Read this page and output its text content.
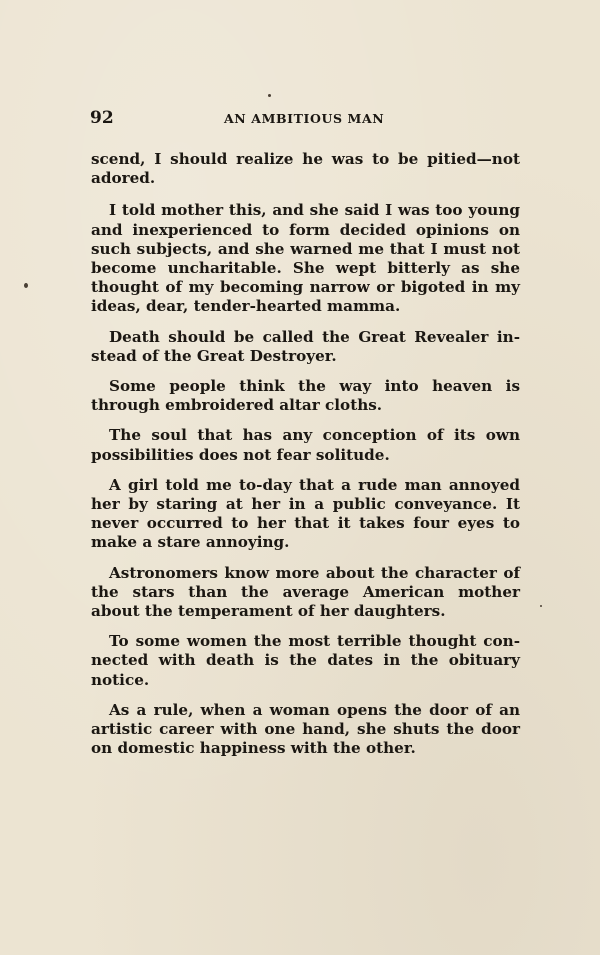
92	AN AMBITIOUS MAN

scend, I should realize he was to be pitied—not adored.

I told mother this, and she said I was too young and inexperienced to form decided opinions on such subjects, and she warned me that I must not become uncharitable. She wept bitterly as she thought of my becoming narrow or bigoted in my ideas, dear, tender-hearted mamma.

Death should be called the Great Revealer instead of the Great Destroyer.

Some people think the way into heaven is through embroidered altar cloths.

The soul that has any conception of its own possibilities does not fear solitude.

A girl told me to-day that a rude man annoyed her by staring at her in a public conveyance. It never occurred to her that it takes four eyes to make a stare annoying.

Astronomers know more about the character of the stars than the average American mother about the temperament of her daughters.

To some women the most terrible thought connected with death is the dates in the obituary notice.

As a rule, when a woman opens the door of an artistic career with one hand, she shuts the door on domestic happiness with the other.
